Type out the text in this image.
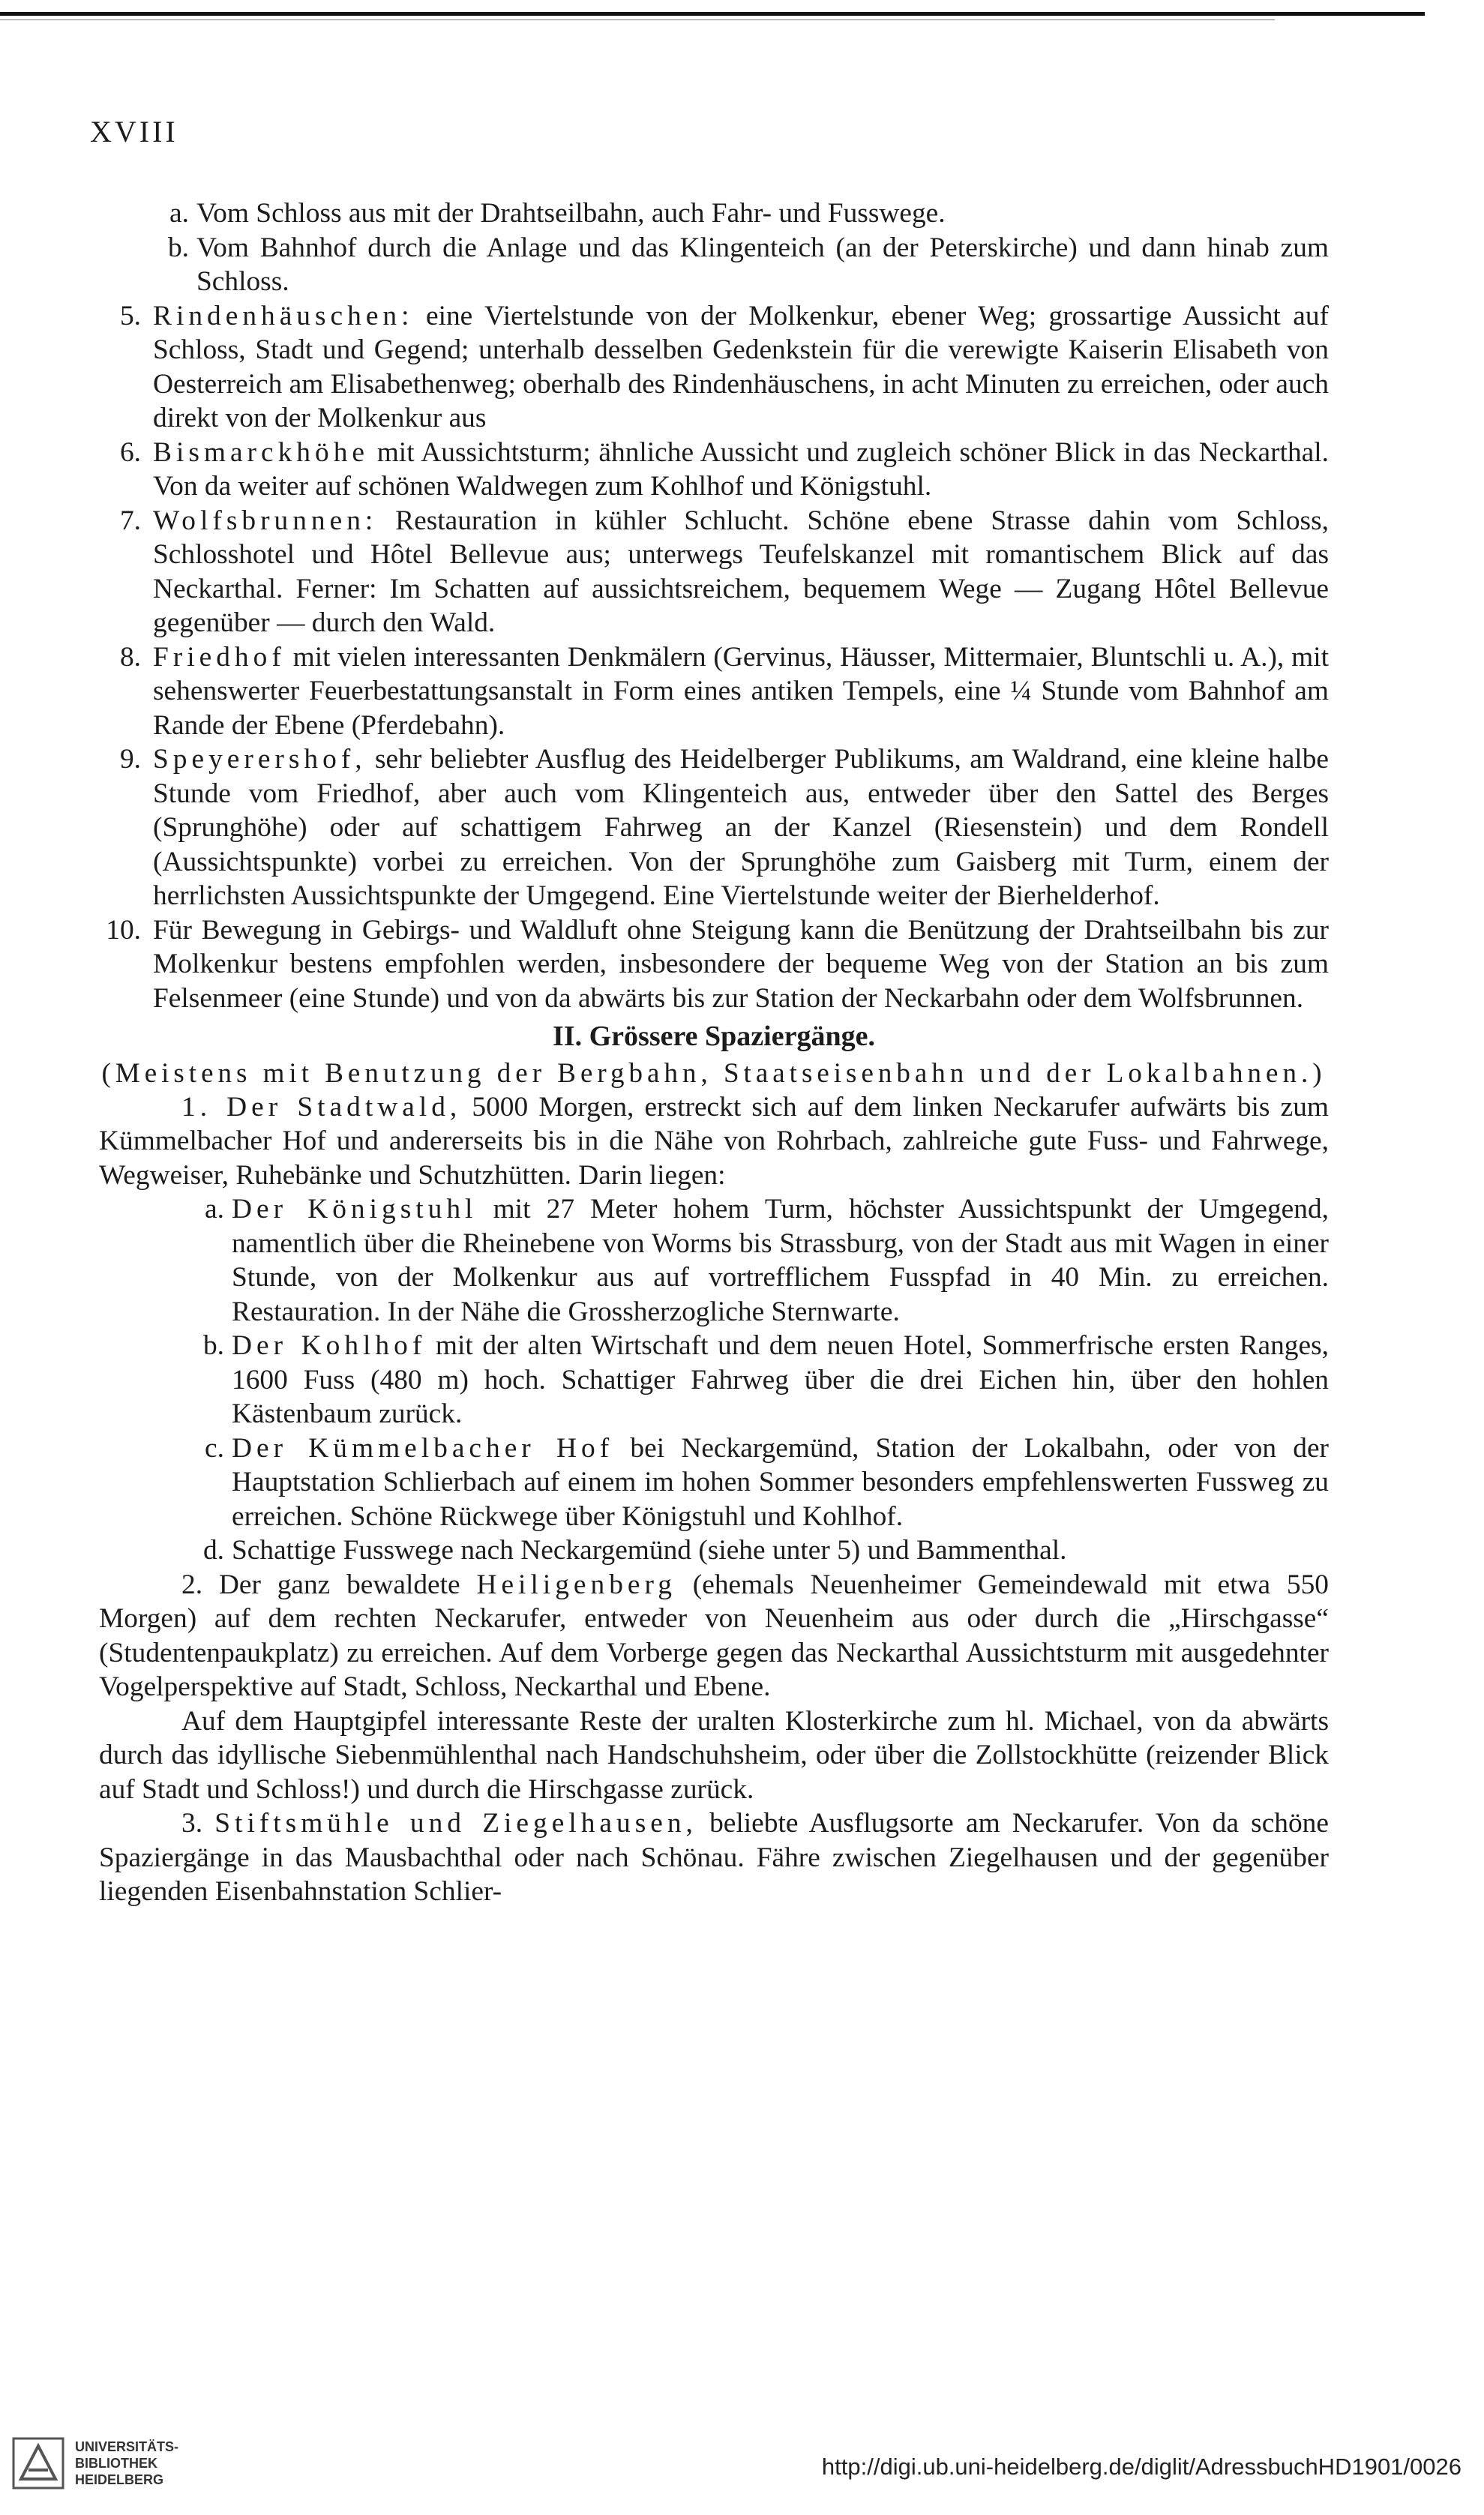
XVIII
a. Vom Schloss aus mit der Drahtseilbahn, auch Fahr- und Fusswege.
b. Vom Bahnhof durch die Anlage und das Klingenteich (an der Peterskirche) und dann hinab zum Schloss.
5. Rindenhäuschen: eine Viertelstunde von der Molkenkur, ebener Weg; grossartige Aussicht auf Schloss, Stadt und Gegend; unterhalb desselben Gedenkstein für die verewigte Kaiserin Elisabeth von Oesterreich am Elisabethenweg; oberhalb des Rindenhäuschens, in acht Minuten zu erreichen, oder auch direkt von der Molkenkur aus
6. Bismarckhöhe mit Aussichtsturm; ähnliche Aussicht und zugleich schöner Blick in das Neckarthal. Von da weiter auf schönen Waldwegen zum Kohlhof und Königstuhl.
7. Wolfsbrunnen: Restauration in kühler Schlucht. Schöne ebene Strasse dahin vom Schloss, Schlosshotel und Hôtel Bellevue aus; unterwegs Teufelskanzel mit romantischem Blick auf das Neckarthal. Ferner: Im Schatten auf aussichtsreichem, bequemem Wege — Zugang Hôtel Bellevue gegenüber — durch den Wald.
8. Friedhof mit vielen interessanten Denkmälern (Gervinus, Häusser, Mittermaier, Bluntschli u. A.), mit sehenswerter Feuerbestattungsanstalt in Form eines antiken Tempels, eine ¼ Stunde vom Bahnhof am Rande der Ebene (Pferdebahn).
9. Speyerershof, sehr beliebter Ausflug des Heidelberger Publikums, am Waldrand, eine kleine halbe Stunde vom Friedhof, aber auch vom Klingenteich aus, entweder über den Sattel des Berges (Sprunghöhe) oder auf schattigem Fahrweg an der Kanzel (Riesenstein) und dem Rondell (Aussichtspunkte) vorbei zu erreichen. Von der Sprunghöhe zum Gaisberg mit Turm, einem der herrlichsten Aussichtspunkte der Umgegend. Eine Viertelstunde weiter der Bierhelderhof.
10. Für Bewegung in Gebirgs- und Waldluft ohne Steigung kann die Benützung der Drahtseilbahn bis zur Molkenkur bestens empfohlen werden, insbesondere der bequeme Weg von der Station an bis zum Felsenmeer (eine Stunde) und von da abwärts bis zur Station der Neckarbahn oder dem Wolfsbrunnen.
II. Grössere Spaziergänge.
(Meistens mit Benutzung der Bergbahn, Staatseisenbahn und der Lokalbahnen.)
1. Der Stadtwald, 5000 Morgen, erstreckt sich auf dem linken Neckarufer aufwärts bis zum Kümmelbacher Hof und andererseits bis in die Nähe von Rohrbach, zahlreiche gute Fuss- und Fahrwege, Wegweiser, Ruhebänke und Schutzhütten. Darin liegen:
a. Der Königstuhl mit 27 Meter hohem Turm, höchster Aussichtspunkt der Umgegend, namentlich über die Rheinebene von Worms bis Strassburg, von der Stadt aus mit Wagen in einer Stunde, von der Molkenkur aus auf vortrefflichem Fusspfad in 40 Min. zu erreichen. Restauration. In der Nähe die Grossherzogliche Sternwarte.
b. Der Kohlhof mit der alten Wirtschaft und dem neuen Hotel, Sommerfrische ersten Ranges, 1600 Fuss (480 m) hoch. Schattiger Fahrweg über die drei Eichen hin, über den hohlen Kästenbaum zurück.
c. Der Kümmelbacher Hof bei Neckargemünd, Station der Lokalbahn, oder von der Hauptstation Schlierbach auf einem im hohen Sommer besonders empfehlenswerten Fussweg zu erreichen. Schöne Rückwege über Königstuhl und Kohlhof.
d. Schattige Fusswege nach Neckargemünd (siehe unter 5) und Bammenthal.
2. Der ganz bewaldete Heiligenberg (ehemals Neuenheimer Gemeindewald mit etwa 550 Morgen) auf dem rechten Neckarufer, entweder von Neuenheim aus oder durch die „Hirschgasse“ (Studentenpaukplatz) zu erreichen. Auf dem Vorberge gegen das Neckarthal Aussichtsturm mit ausgedehnter Vogelperspektive auf Stadt, Schloss, Neckarthal und Ebene.
Auf dem Hauptgipfel interessante Reste der uralten Klosterkirche zum hl. Michael, von da abwärts durch das idyllische Siebenmühlenthal nach Handschuhsheim, oder über die Zollstockhütte (reizender Blick auf Stadt und Schloss!) und durch die Hirschgasse zurück.
3. Stiftsmühle und Ziegelhausen, beliebte Ausflugsorte am Neckarufer. Von da schöne Spaziergänge in das Mausbachthal oder nach Schönau. Fähre zwischen Ziegelhausen und der gegenüber liegenden Eisenbahnstation Schlier-
UNIVERSITÄTS-
BIBLIOTHEK
HEIDELBERG	http://digi.ub.uni-heidelberg.de/diglit/AdressbuchHD1901/0026
